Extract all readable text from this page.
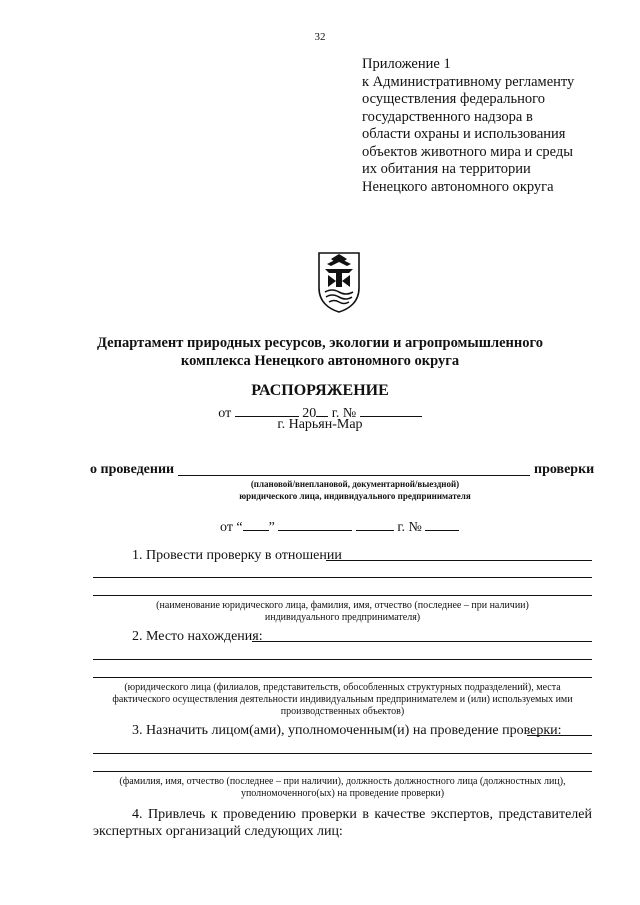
32
Приложение 1
к Административному регламенту
осуществления федерального
государственного надзора в
области охраны и использования
объектов животного мира и среды
их обитания на территории
Ненецкого автономного округа
Департамент природных ресурсов, экологии и агропромышленного
комплекса Ненецкого автономного округа
РАСПОРЯЖЕНИЕ
от	20 г. №
г. Нарьян-Мар
о проведении	проверки
(плановой/внеплановой, документарной/выездной)
юридического лица, индивидуального предпринимателя
от “ ”	г. №
1. Провести проверку в отношении
(наименование юридического лица, фамилия, имя, отчество (последнее – при наличии)
индивидуального предпринимателя)
2. Место нахождения:
(юридического лица (филиалов, представительств, обособленных структурных подразделений), места
фактического осуществления деятельности индивидуальным предпринимателем и (или) используемых ими
производственных объектов)
3. Назначить лицом(ами), уполномоченным(и) на проведение проверки:
(фамилия, имя, отчество (последнее – при наличии), должность должностного лица (должностных лиц),
уполномоченного(ых) на проведение проверки)
4. Привлечь к проведению проверки в качестве экспертов, представителей
экспертных организаций следующих лиц:
